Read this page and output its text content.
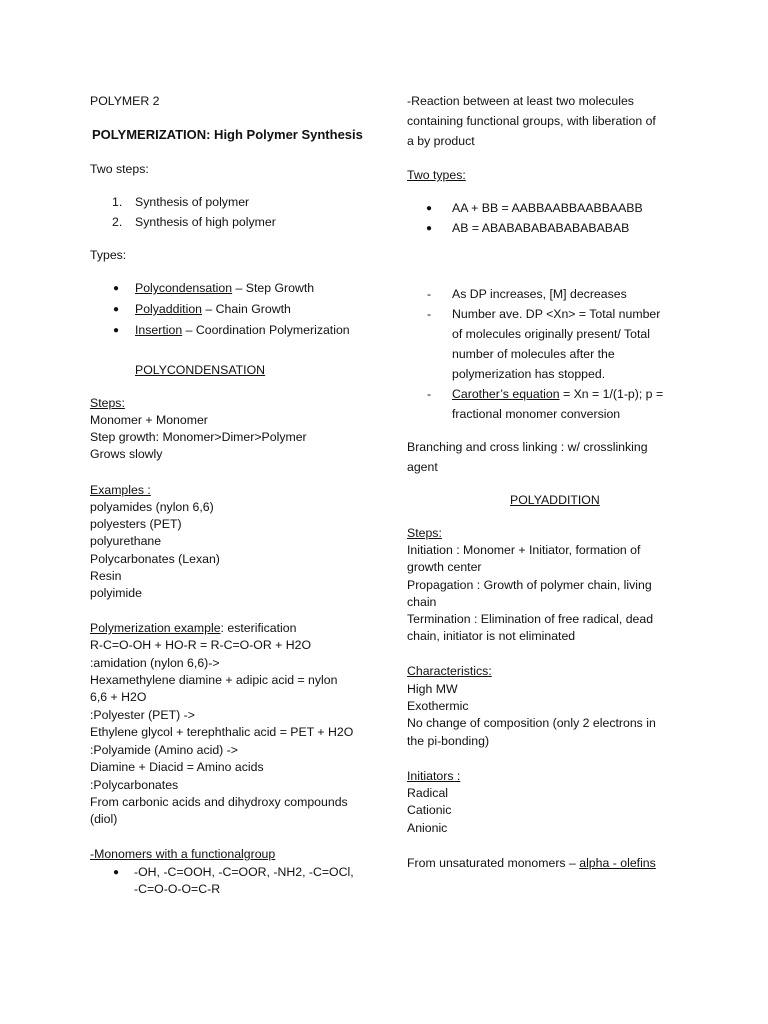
POLYMER 2
POLYMERIZATION: High Polymer Synthesis
Two steps:
1. Synthesis of polymer
2. Synthesis of high polymer
Types:
● Polycondensation – Step Growth
● Polyaddition – Chain Growth
● Insertion – Coordination Polymerization
POLYCONDENSATION
Steps:
Monomer + Monomer
Step growth: Monomer>Dimer>Polymer
Grows slowly
Examples :
polyamides (nylon 6,6)
polyesters (PET)
polyurethane
Polycarbonates (Lexan)
Resin
polyimide
Polymerization example: esterification
R-C=O-OH + HO-R = R-C=O-OR + H2O
:amidation (nylon 6,6)->
Hexamethylene diamine + adipic acid = nylon
6,6 + H2O
:Polyester (PET) ->
Ethylene glycol + terephthalic acid = PET + H2O
:Polyamide (Amino acid) ->
Diamine + Diacid = Amino acids
:Polycarbonates
From carbonic acids and dihydroxy compounds
(diol)
-Monomers with a functionalgroup
● -OH, -C=OOH, -C=OOR, -NH2, -C=OCl,
-C=O-O-O=C-R
-Reaction between at least two molecules
containing functional groups, with liberation of
a by product
Two types:
● AA + BB = AABBAABBAABBAABB
● AB = ABABABABABABABABAB
- As DP increases, [M] decreases
- Number ave. DP <Xn> = Total number
of molecules originally present/ Total
number of molecules after the
polymerization has stopped.
- Carother’s equation = Xn = 1/(1-p); p =
fractional monomer conversion
Branching and cross linking : w/ crosslinking
agent
POLYADDITION
Steps:
Initiation : Monomer + Initiator, formation of
growth center
Propagation : Growth of polymer chain, living
chain
Termination : Elimination of free radical, dead
chain, initiator is not eliminated
Characteristics:
High MW
Exothermic
No change of composition (only 2 electrons in
the pi-bonding)
Initiators :
Radical
Cationic
Anionic
From unsaturated monomers – alpha - olefins
